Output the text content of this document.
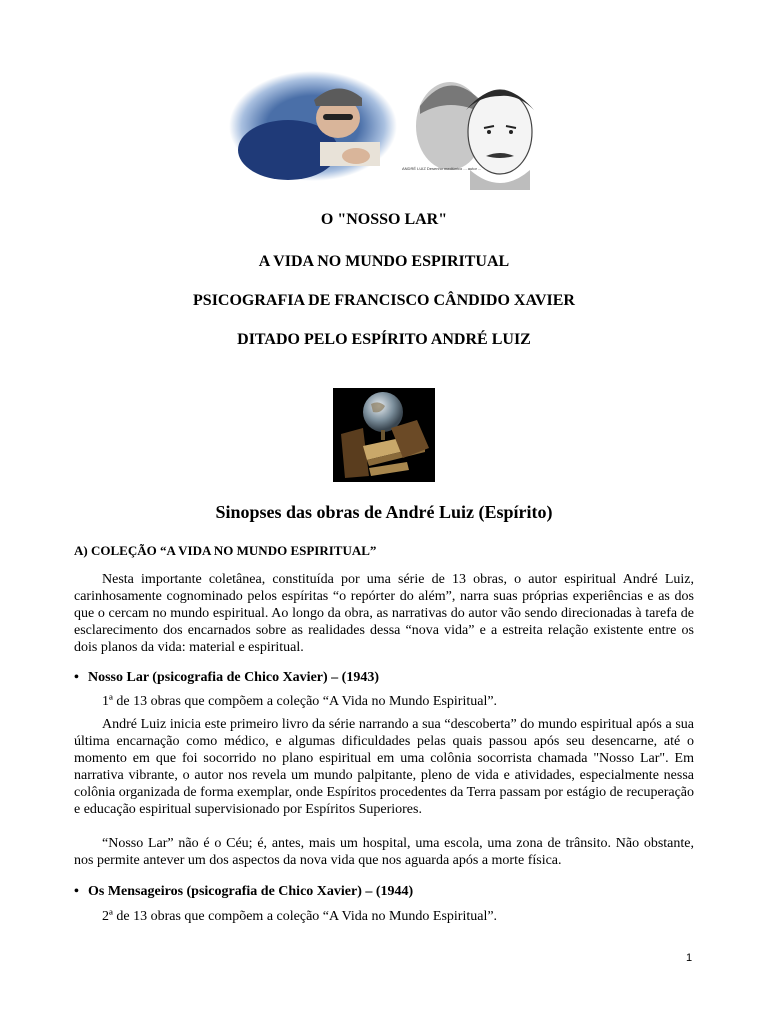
ANDRÉ LUIZ Desenho mediúnico ... autor ...
O "NOSSO LAR"
A VIDA NO MUNDO ESPIRITUAL
PSICOGRAFIA DE FRANCISCO CÂNDIDO XAVIER
DITADO PELO ESPÍRITO ANDRÉ LUIZ
Sinopses das obras de André Luiz (Espírito)
A) COLEÇÃO “A VIDA NO MUNDO ESPIRITUAL”
Nesta importante coletânea, constituída por uma série de 13 obras, o autor espiritual André Luiz, carinhosamente cognominado pelos espíritas “o repórter do além”, narra suas próprias experiências e as dos que o cercam no mundo espiritual. Ao longo da obra, as narrativas do autor vão sendo direcionadas à tarefa de esclarecimento dos encarnados sobre as realidades dessa “nova vida” e a estreita relação existente entre os dois planos da vida: material e espiritual.
• Nosso Lar (psicografia de Chico Xavier) – (1943)
1ª de 13 obras que compõem a coleção “A Vida no Mundo Espiritual”.
André Luiz inicia este primeiro livro da série narrando a sua “descoberta” do mundo espiritual após a sua última encarnação como médico, e algumas dificuldades pelas quais passou após seu desencarne, até o momento em que foi socorrido no plano espiritual em uma colônia socorrista chamada "Nosso Lar". Em narrativa vibrante, o autor nos revela um mundo palpitante, pleno de vida e atividades, especialmente nessa colônia organizada de forma exemplar, onde Espíritos procedentes da Terra passam por estágio de recuperação e educação espiritual supervisionado por Espíritos Superiores.
“Nosso Lar” não é o Céu; é, antes, mais um hospital, uma escola, uma zona de trânsito. Não obstante, nos permite antever um dos aspectos da nova vida que nos aguarda após a morte física.
• Os Mensageiros (psicografia de Chico Xavier) – (1944)
2ª de 13 obras que compõem a coleção “A Vida no Mundo Espiritual”.
1
